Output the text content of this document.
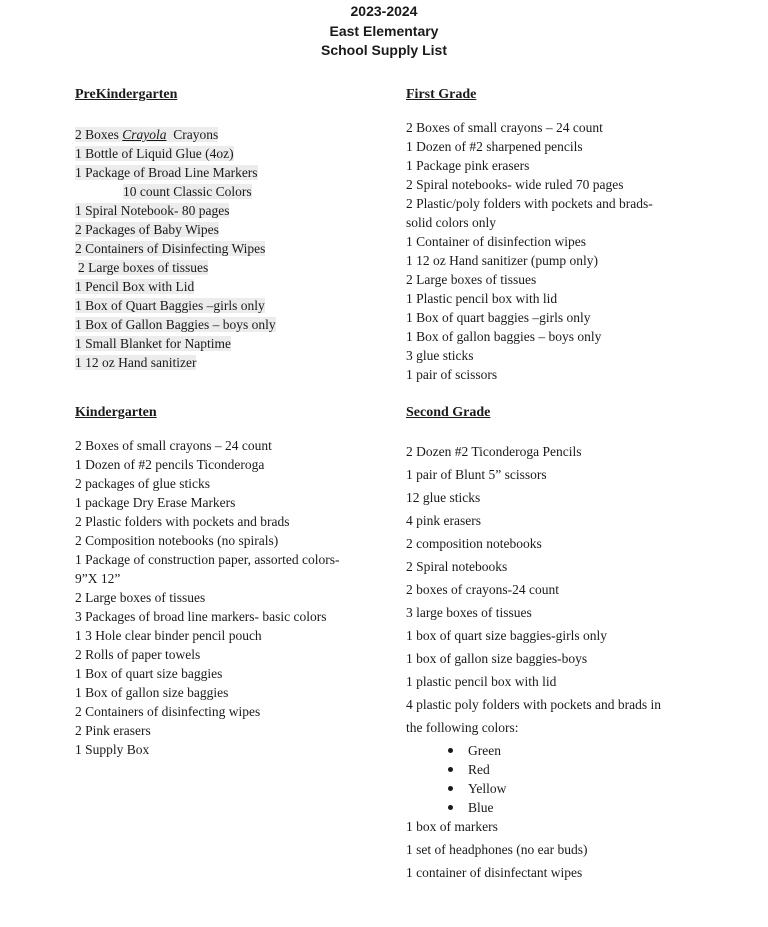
2023-2024
East Elementary
School Supply List

PreKindergarten

2 Boxes Crayola Crayons
1 Bottle of Liquid Glue (4oz)
1 Package of Broad Line Markers
10 count Classic Colors
1 Spiral Notebook- 80 pages
2 Packages of Baby Wipes
2 Containers of Disinfecting Wipes
2 Large boxes of tissues
1 Pencil Box with Lid
1 Box of Quart Baggies –girls only
1 Box of Gallon Baggies – boys only
1 Small Blanket for Naptime
1 12 oz Hand sanitizer

First Grade

2 Boxes of small crayons – 24 count
1 Dozen of #2 sharpened pencils
1 Package pink erasers
2 Spiral notebooks- wide ruled 70 pages
2 Plastic/poly folders with pockets and brads-
solid colors only
1 Container of disinfection wipes
1 12 oz Hand sanitizer (pump only)
2 Large boxes of tissues
1 Plastic pencil box with lid
1 Box of quart baggies –girls only
1 Box of gallon baggies – boys only
3 glue sticks
1 pair of scissors

Kindergarten

2 Boxes of small crayons – 24 count
1 Dozen of #2 pencils Ticonderoga
2 packages of glue sticks
1 package Dry Erase Markers
2 Plastic folders with pockets and brads
2 Composition notebooks (no spirals)
1 Package of construction paper, assorted colors-
9”X 12”
2 Large boxes of tissues
3 Packages of broad line markers- basic colors
1 3 Hole clear binder pencil pouch
2 Rolls of paper towels
1 Box of quart size baggies
1 Box of gallon size baggies
2 Containers of disinfecting wipes
2 Pink erasers
1 Supply Box

Second Grade

2 Dozen #2 Ticonderoga Pencils
1 pair of Blunt 5” scissors
12 glue sticks
4 pink erasers
2 composition notebooks
2 Spiral notebooks
2 boxes of crayons-24 count
3 large boxes of tissues
1 box of quart size baggies-girls only
1 box of gallon size baggies-boys
1 plastic pencil box with lid
4 plastic poly folders with pockets and brads in
the following colors:
Green
Red
Yellow
Blue
1 box of markers
1 set of headphones (no ear buds)
1 container of disinfectant wipes
